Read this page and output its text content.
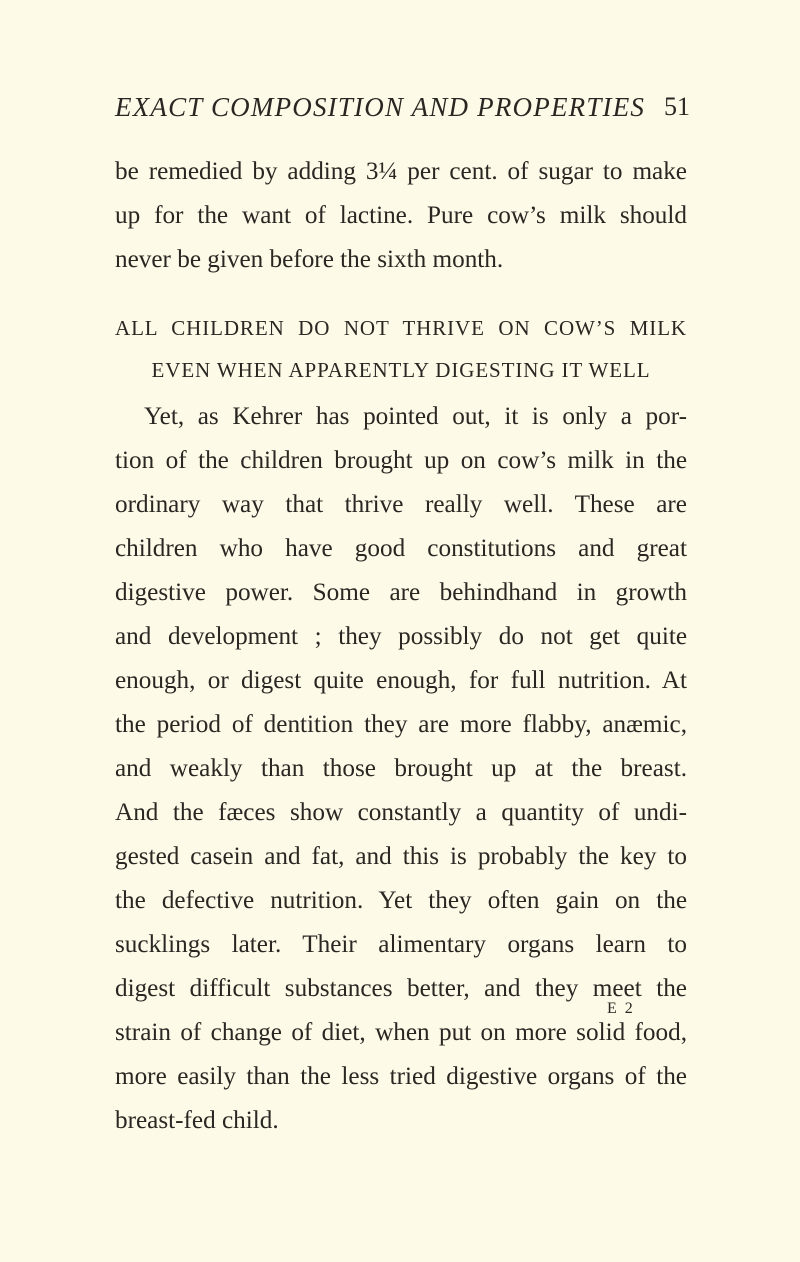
EXACT COMPOSITION AND PROPERTIES 51
be remedied by adding 3¼ per cent. of sugar to make
up for the want of lactine. Pure cow’s milk should
never be given before the sixth month.
ALL CHILDREN DO NOT THRIVE ON COW’S MILK
EVEN WHEN APPARENTLY DIGESTING IT WELL
Yet, as Kehrer has pointed out, it is only a por-
tion of the children brought up on cow’s milk in the
ordinary way that thrive really well. These are
children who have good constitutions and great
digestive power. Some are behindhand in growth
and development ; they possibly do not get quite
enough, or digest quite enough, for full nutrition. At
the period of dentition they are more flabby, anæmic,
and weakly than those brought up at the breast.
And the fæces show constantly a quantity of undi-
gested casein and fat, and this is probably the key to
the defective nutrition. Yet they often gain on the
sucklings later. Their alimentary organs learn to
digest difficult substances better, and they meet the
strain of change of diet, when put on more solid food,
more easily than the less tried digestive organs of the
breast-fed child.
E 2
